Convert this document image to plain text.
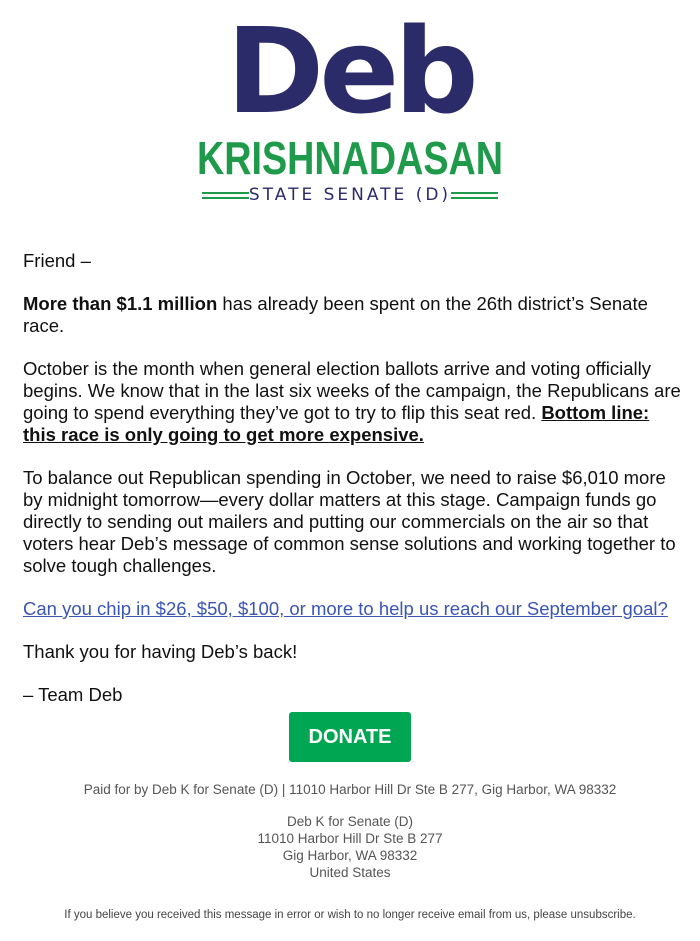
Deb
KRISHNADASAN
STATE SENATE (D)

Friend –

More than $1.1 million has already been spent on the 26th district’s Senate race.

October is the month when general election ballots arrive and voting officially begins. We know that in the last six weeks of the campaign, the Republicans are going to spend everything they’ve got to try to flip this seat red. Bottom line: this race is only going to get more expensive.

To balance out Republican spending in October, we need to raise $6,010 more by midnight tomorrow—every dollar matters at this stage. Campaign funds go directly to sending out mailers and putting our commercials on the air so that voters hear Deb’s message of common sense solutions and working together to solve tough challenges.

Can you chip in $26, $50, $100, or more to help us reach our September goal?

Thank you for having Deb’s back!

– Team Deb

DONATE
Paid for by Deb K for Senate (D) | 11010 Harbor Hill Dr Ste B 277, Gig Harbor, WA 98332
Deb K for Senate (D)
11010 Harbor Hill Dr Ste B 277
Gig Harbor, WA 98332
United States
If you believe you received this message in error or wish to no longer receive email from us, please unsubscribe.
